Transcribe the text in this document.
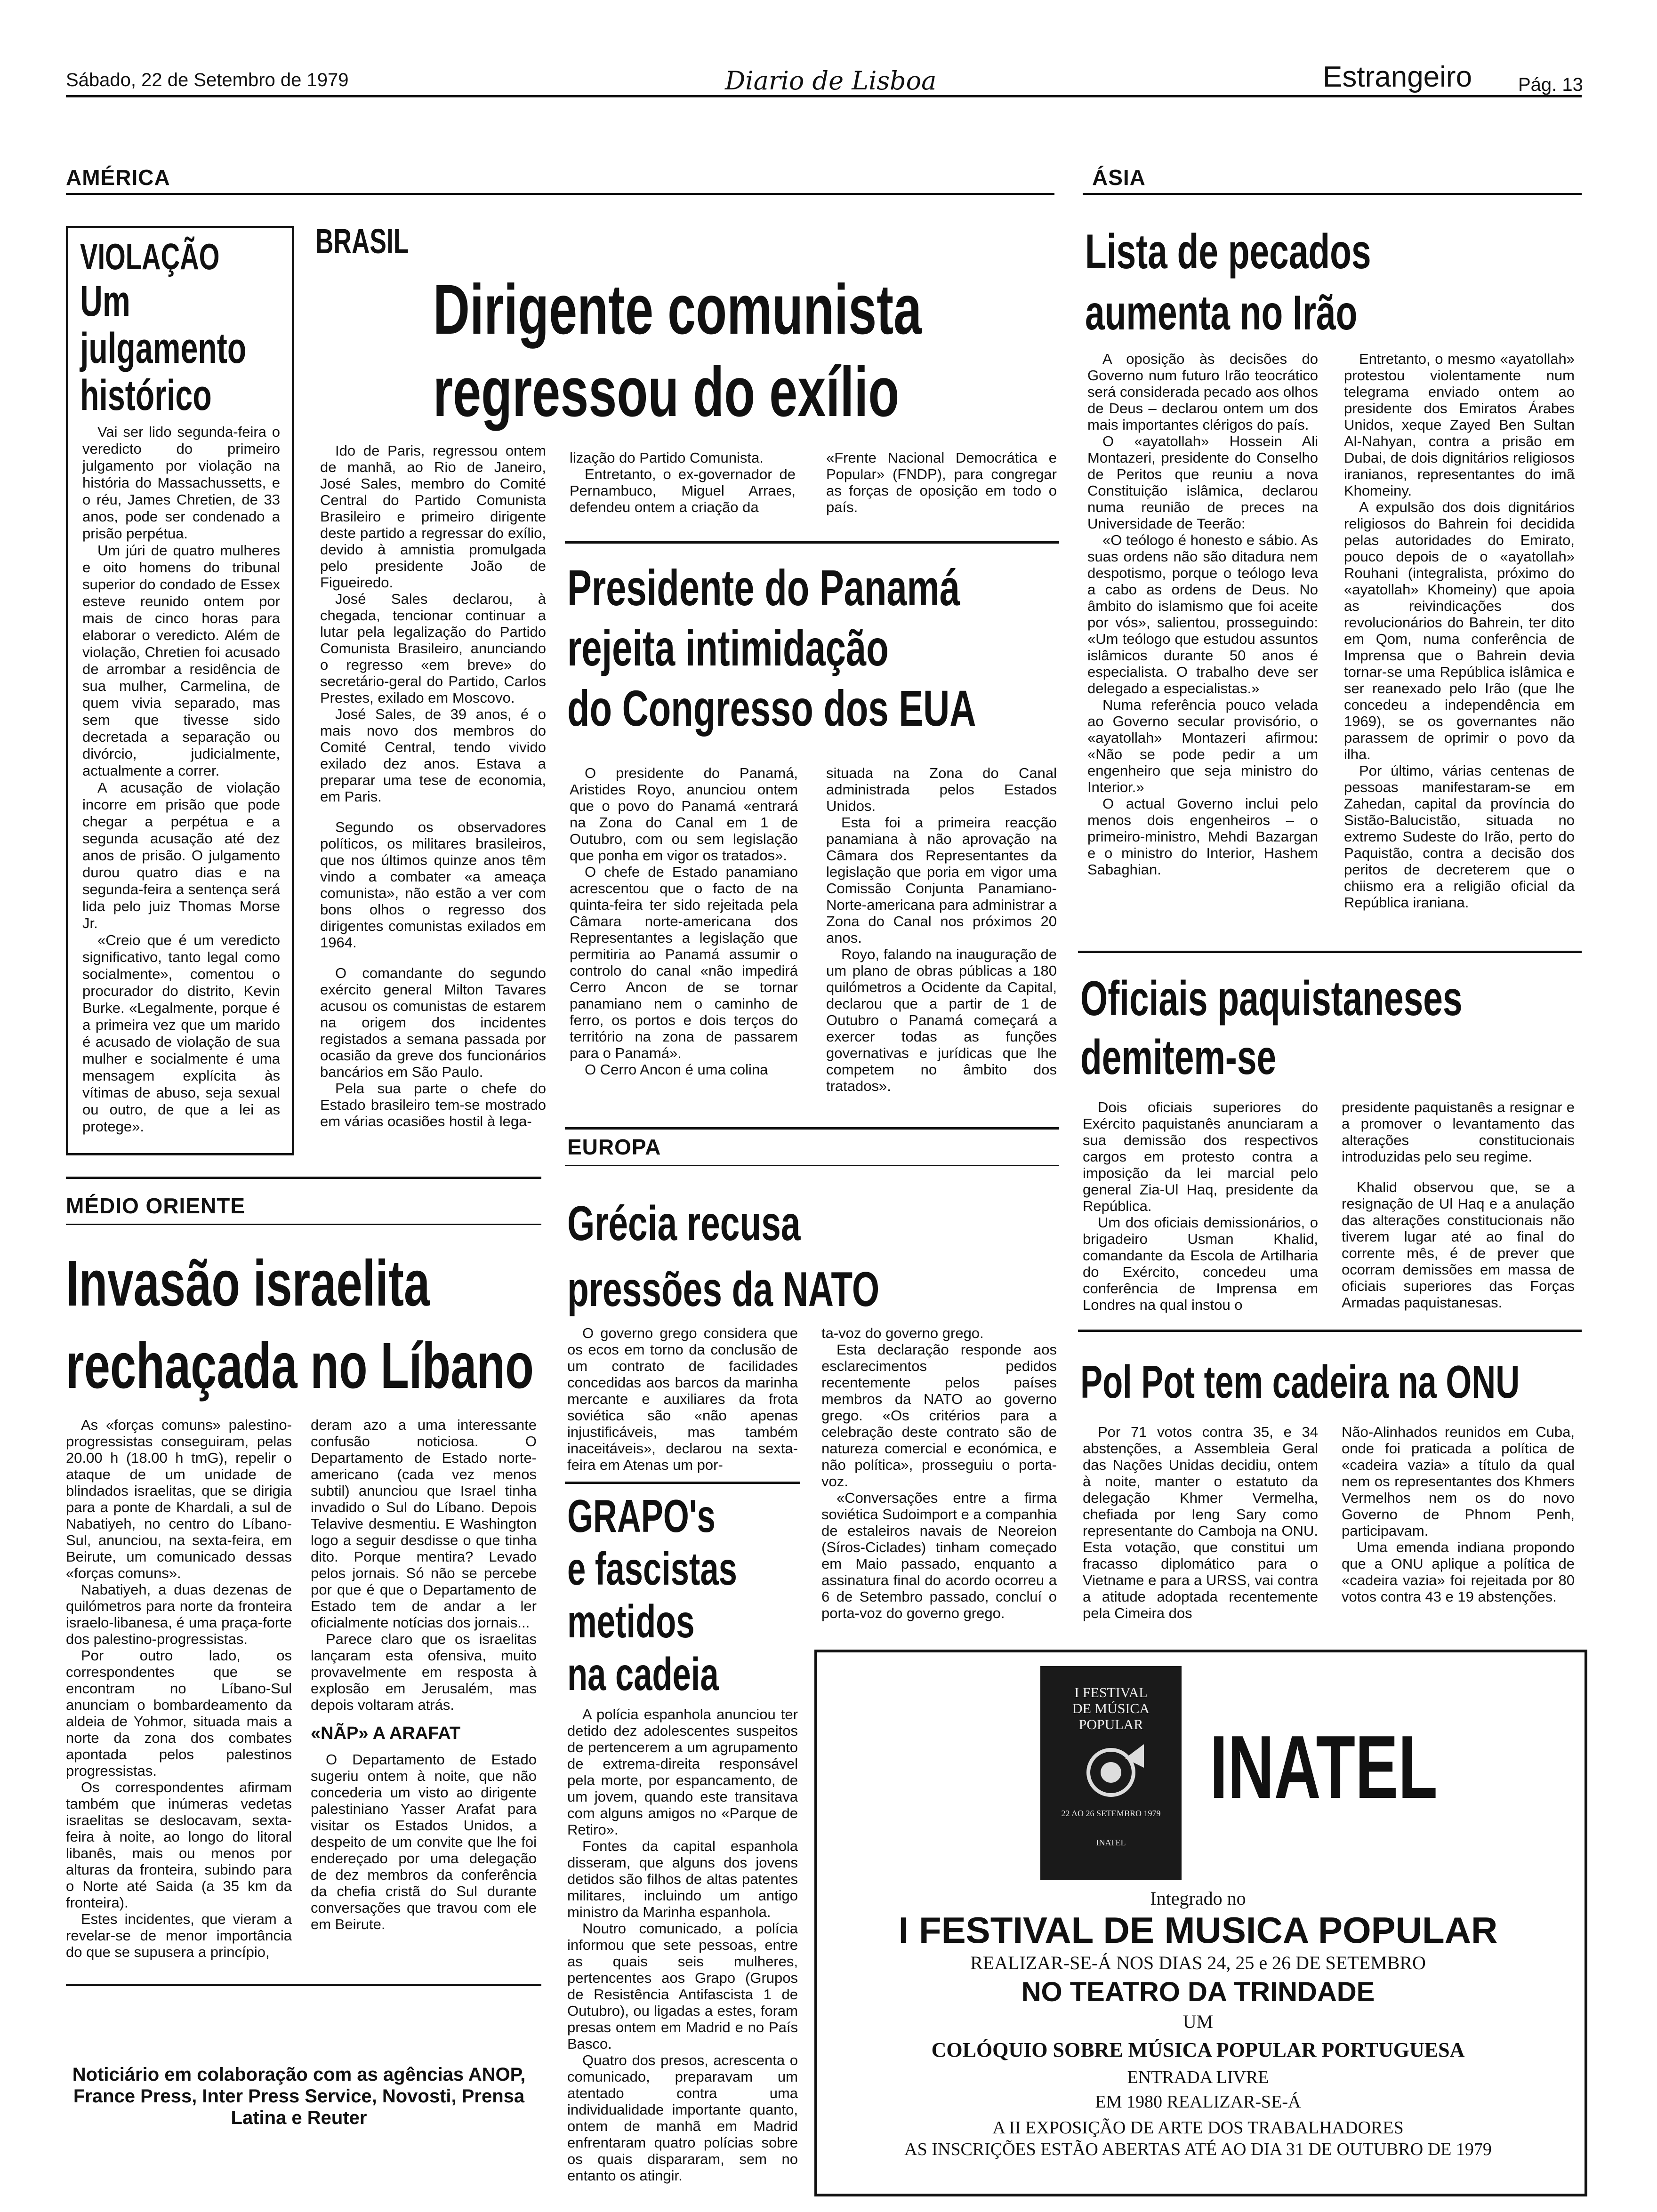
Sábado, 22 de Setembro de 1979	Diario de Lisboa	Estrangeiro Pág. 13
AMÉRICA	ÁSIA
VIOLAÇÃO
Um
julgamento
histórico

Vai ser lido segunda-feira o veredicto do primeiro julgamento por violação na história do Massachussetts, e o réu, James Chretien, de 33 anos, pode ser condenado a prisão perpétua.

Um júri de quatro mulheres e oito homens do tribunal superior do condado de Essex esteve reunido ontem por mais de cinco horas para elaborar o veredicto. Além de violação, Chretien foi acusado de arrombar a residência de sua mulher, Carmelina, de quem vivia separado, mas sem que tivesse sido decretada a separação ou divórcio, judicialmente, actualmente a correr.

A acusação de violação incorre em prisão que pode chegar a perpétua e a segunda acusação até dez anos de prisão. O julgamento durou quatro dias e na segunda-feira a sentença será lida pelo juiz Thomas Morse Jr.

«Creio que é um veredicto significativo, tanto legal como socialmente», comentou o procurador do distrito, Kevin Burke. «Legalmente, porque é a primeira vez que um marido é acusado de violação de sua mulher e socialmente é uma mensagem explícita às vítimas de abuso, seja sexual ou outro, de que a lei as protege».

BRASIL
Dirigente comunista
regressou do exílio

Ido de Paris, regressou ontem de manhã, ao Rio de Janeiro, José Sales, membro do Comité Central do Partido Comunista Brasileiro e primeiro dirigente deste partido a regressar do exílio, devido à amnistia promulgada pelo presidente João de Figueiredo.

José Sales declarou, à chegada, tencionar continuar a lutar pela legalização do Partido Comunista Brasileiro, anunciando o regresso «em breve» do secretário-geral do Partido, Carlos Prestes, exilado em Moscovo.

José Sales, de 39 anos, é o mais novo dos membros do Comité Central, tendo vivido exilado dez anos. Estava a preparar uma tese de economia, em Paris.

Segundo os observadores políticos, os militares brasileiros, que nos últimos quinze anos têm vindo a combater «a ameaça comunista», não estão a ver com bons olhos o regresso dos dirigentes comunistas exilados em 1964.

O comandante do segundo exército general Milton Tavares acusou os comunistas de estarem na origem dos incidentes registados a semana passada por ocasião da greve dos funcionários bancários em São Paulo.

Pela sua parte o chefe do Estado brasileiro tem-se mostrado em várias ocasiões hostil à lega-

lização do Partido Comunista.

Entretanto, o ex-governador de Pernambuco, Miguel Arraes, defendeu ontem a criação da

«Frente Nacional Democrática e Popular» (FNDP), para congregar as forças de oposição em todo o país.

Presidente do Panamá
rejeita intimidação
do Congresso dos EUA

O presidente do Panamá, Aristides Royo, anunciou ontem que o povo do Panamá «entrará na Zona do Canal em 1 de Outubro, com ou sem legislação que ponha em vigor os tratados».

O chefe de Estado panamiano acrescentou que o facto de na quinta-feira ter sido rejeitada pela Câmara norte-americana dos Representantes a legislação que permitiria ao Panamá assumir o controlo do canal «não impedirá Cerro Ancon de se tornar panamiano nem o caminho de ferro, os portos e dois terços do território na zona de passarem para o Panamá».

O Cerro Ancon é uma colina

situada na Zona do Canal administrada pelos Estados Unidos.

Esta foi a primeira reacção panamiana à não aprovação na Câmara dos Representantes da legislação que poria em vigor uma Comissão Conjunta Panamiano-Norte-americana para administrar a Zona do Canal nos próximos 20 anos.

Royo, falando na inauguração de um plano de obras públicas a 180 quilómetros a Ocidente da Capital, declarou que a partir de 1 de Outubro o Panamá começará a exercer todas as funções governativas e jurídicas que lhe competem no âmbito dos tratados».

Lista de pecados
aumenta no Irão

A oposição às decisões do Governo num futuro Irão teocrático será considerada pecado aos olhos de Deus – declarou ontem um dos mais importantes clérigos do país.

O «ayatollah» Hossein Ali Montazeri, presidente do Conselho de Peritos que reuniu a nova Constituição islâmica, declarou numa reunião de preces na Universidade de Teerão:

«O teólogo é honesto e sábio. As suas ordens não são ditadura nem despotismo, porque o teólogo leva a cabo as ordens de Deus. No âmbito do islamismo que foi aceite por vós», salientou, prosseguindo: «Um teólogo que estudou assuntos islâmicos durante 50 anos é especialista. O trabalho deve ser delegado a especialistas.»

Numa referência pouco velada ao Governo secular provisório, o «ayatollah» Montazeri afirmou: «Não se pode pedir a um engenheiro que seja ministro do Interior.»

O actual Governo inclui pelo menos dois engenheiros – o primeiro-ministro, Mehdi Bazargan e o ministro do Interior, Hashem Sabaghian.

Entretanto, o mesmo «ayatollah» protestou violentamente num telegrama enviado ontem ao presidente dos Emiratos Árabes Unidos, xeque Zayed Ben Sultan Al-Nahyan, contra a prisão em Dubai, de dois dignitários religiosos iranianos, representantes do imã Khomeiny.

A expulsão dos dois dignitários religiosos do Bahrein foi decidida pelas autoridades do Emirato, pouco depois de o «ayatollah» Rouhani (integralista, próximo do «ayatollah» Khomeiny) que apoia as reivindicações dos revolucionários do Bahrein, ter dito em Qom, numa conferência de Imprensa que o Bahrein devia tornar-se uma República islâmica e ser reanexado pelo Irão (que lhe concedeu a independência em 1969), se os governantes não parassem de oprimir o povo da ilha.

Por último, várias centenas de pessoas manifestaram-se em Zahedan, capital da província do Sistão-Balucistão, situada no extremo Sudeste do Irão, perto do Paquistão, contra a decisão dos peritos de decreterem que o chiismo era a religião oficial da República iraniana.

Oficiais paquistaneses
demitem-se

Dois oficiais superiores do Exército paquistanês anunciaram a sua demissão dos respectivos cargos em protesto contra a imposição da lei marcial pelo general Zia-Ul Haq, presidente da República.

Um dos oficiais demissionários, o brigadeiro Usman Khalid, comandante da Escola de Artilharia do Exército, concedeu uma conferência de Imprensa em Londres na qual instou o

presidente paquistanês a resignar e a promover o levantamento das alterações constitucionais introduzidas pelo seu regime.

Khalid observou que, se a resignação de Ul Haq e a anulação das alterações constitucionais não tiverem lugar até ao final do corrente mês, é de prever que ocorram demissões em massa de oficiais superiores das Forças Armadas paquistanesas.

Pol Pot tem cadeira na ONU

Por 71 votos contra 35, e 34 abstenções, a Assembleia Geral das Nações Unidas decidiu, ontem à noite, manter o estatuto da delegação Khmer Vermelha, chefiada por Ieng Sary como representante do Camboja na ONU. Esta votação, que constitui um fracasso diplomático para o Vietname e para a URSS, vai contra a atitude adoptada recentemente pela Cimeira dos

Não-Alinhados reunidos em Cuba, onde foi praticada a política de «cadeira vazia» a título da qual nem os representantes dos Khmers Vermelhos nem os do novo Governo de Phnom Penh, participavam.

Uma emenda indiana propondo que a ONU aplique a política de «cadeira vazia» foi rejeitada por 80 votos contra 43 e 19 abstenções.

EUROPA
Grécia recusa
pressões da NATO

O governo grego considera que os ecos em torno da conclusão de um contrato de facilidades concedidas aos barcos da marinha mercante e auxiliares da frota soviética são «não apenas injustificáveis, mas também inaceitáveis», declarou na sexta-feira em Atenas um por-

ta-voz do governo grego.

Esta declaração responde aos esclarecimentos pedidos recentemente pelos países membros da NATO ao governo grego. «Os critérios para a celebração deste contrato são de natureza comercial e económica, e não política», prosseguiu o porta-voz.

«Conversações entre a firma soviética Sudoimport e a companhia de estaleiros navais de Neoreion (Síros-Ciclades) tinham começado em Maio passado, enquanto a assinatura final do acordo ocorreu a 6 de Setembro passado, concluí o porta-voz do governo grego.

GRAPO's
e fascistas
metidos
na cadeia

A polícia espanhola anunciou ter detido dez adolescentes suspeitos de pertencerem a um agrupamento de extrema-direita responsável pela morte, por espancamento, de um jovem, quando este transitava com alguns amigos no «Parque de Retiro».

Fontes da capital espanhola disseram, que alguns dos jovens detidos são filhos de altas patentes militares, incluindo um antigo ministro da Marinha espanhola.

Noutro comunicado, a polícia informou que sete pessoas, entre as quais seis mulheres, pertencentes aos Grapo (Grupos de Resistência Antifascista 1 de Outubro), ou ligadas a estes, foram presas ontem em Madrid e no País Basco.

Quatro dos presos, acrescenta o comunicado, preparavam um atentado contra uma individualidade importante quanto, ontem de manhã em Madrid enfrentaram quatro polícias sobre os quais dispararam, sem no entanto os atingir.

MÉDIO ORIENTE
Invasão israelita
rechaçada no Líbano

As «forças comuns» palestino-progressistas conseguiram, pelas 20.00 h (18.00 h tmG), repelir o ataque de um unidade de blindados israelitas, que se dirigia para a ponte de Khardali, a sul de Nabatiyeh, no centro do Líbano-Sul, anunciou, na sexta-feira, em Beirute, um comunicado dessas «forças comuns».

Nabatiyeh, a duas dezenas de quilómetros para norte da fronteira israelo-libanesa, é uma praça-forte dos palestino-progressistas.

Por outro lado, os correspondentes que se encontram no Líbano-Sul anunciam o bombardeamento da aldeia de Yohmor, situada mais a norte da zona dos combates apontada pelos palestinos progressistas.

Os correspondentes afirmam também que inúmeras vedetas israelitas se deslocavam, sexta-feira à noite, ao longo do litoral libanês, mais ou menos por alturas da fronteira, subindo para o Norte até Saida (a 35 km da fronteira).

Estes incidentes, que vieram a revelar-se de menor importância do que se supusera a princípio,

deram azo a uma interessante confusão noticiosa. O Departamento de Estado norte-americano (cada vez menos subtil) anunciou que Israel tinha invadido o Sul do Líbano. Depois Telavive desmentiu. E Washington logo a seguir desdisse o que tinha dito. Porque mentira? Levado pelos jornais. Só não se percebe por que é que o Departamento de Estado tem de andar a ler oficialmente notícias dos jornais...

Parece claro que os israelitas lançaram esta ofensiva, muito provavelmente em resposta à explosão em Jerusalém, mas depois voltaram atrás.

«NÃP» A ARAFAT

O Departamento de Estado sugeriu ontem à noite, que não concederia um visto ao dirigente palestiniano Yasser Arafat para visitar os Estados Unidos, a despeito de um convite que lhe foi endereçado por uma delegação de dez membros da conferência da chefia cristã do Sul durante conversações que travou com ele em Beirute.

Noticiário em colaboração com as agências ANOP, France Press, Inter Press Service, Novosti, Prensa Latina e Reuter
I FESTIVAL
DE MÚSICA
POPULAR
22 AO 26 SETEMBRO 1979
INATEL
INATEL
Integrado no
I FESTIVAL DE MUSICA POPULAR
REALIZAR-SE-Á NOS DIAS 24, 25 e 26 DE SETEMBRO
NO TEATRO DA TRINDADE
UM
COLÓQUIO SOBRE MÚSICA POPULAR PORTUGUESA
ENTRADA LIVRE
EM 1980 REALIZAR-SE-Á
A II EXPOSIÇÃO DE ARTE DOS TRABALHADORES
AS INSCRIÇÕES ESTÃO ABERTAS ATÉ AO DIA 31 DE OUTUBRO DE 1979
